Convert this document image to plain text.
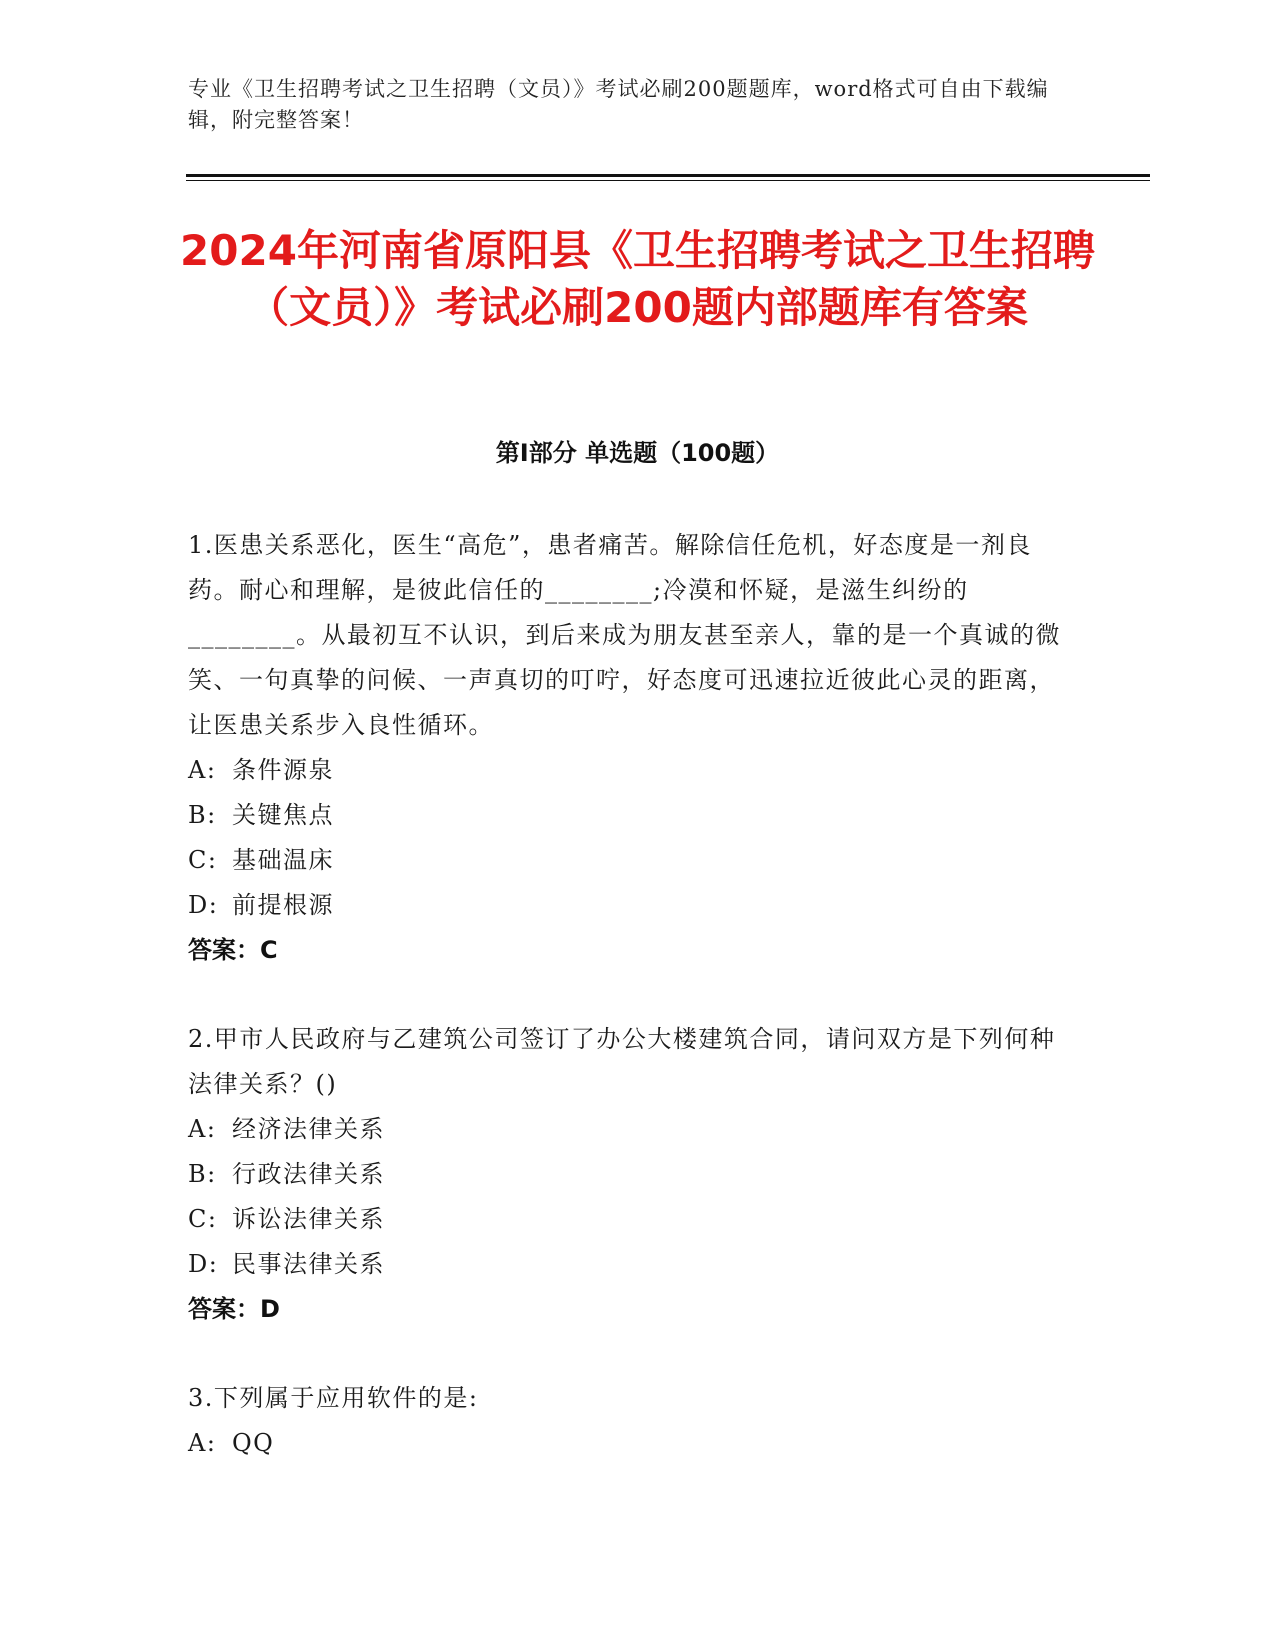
专业《卫生招聘考试之卫生招聘（文员）》考试必刷200题题库，word格式可自由下载编辑，附完整答案！
2024年河南省原阳县《卫生招聘考试之卫生招聘（文员）》考试必刷200题内部题库有答案
第I部分 单选题（100题）

1.医患关系恶化，医生“高危”，患者痛苦。解除信任危机，好态度是一剂良药。耐心和理解，是彼此信任的________;冷漠和怀疑，是滋生纠纷的________。从最初互不认识，到后来成为朋友甚至亲人，靠的是一个真诚的微笑、一句真挚的问候、一声真切的叮咛，好态度可迅速拉近彼此心灵的距离，让医患关系步入良性循环。

A: 条件源泉
B: 关键焦点
C: 基础温床
D: 前提根源

答案：C

2.甲市人民政府与乙建筑公司签订了办公大楼建筑合同，请问双方是下列何种法律关系？()

A: 经济法律关系
B: 行政法律关系
C: 诉讼法律关系
D: 民事法律关系

答案：D

3.下列属于应用软件的是:

A: QQ
